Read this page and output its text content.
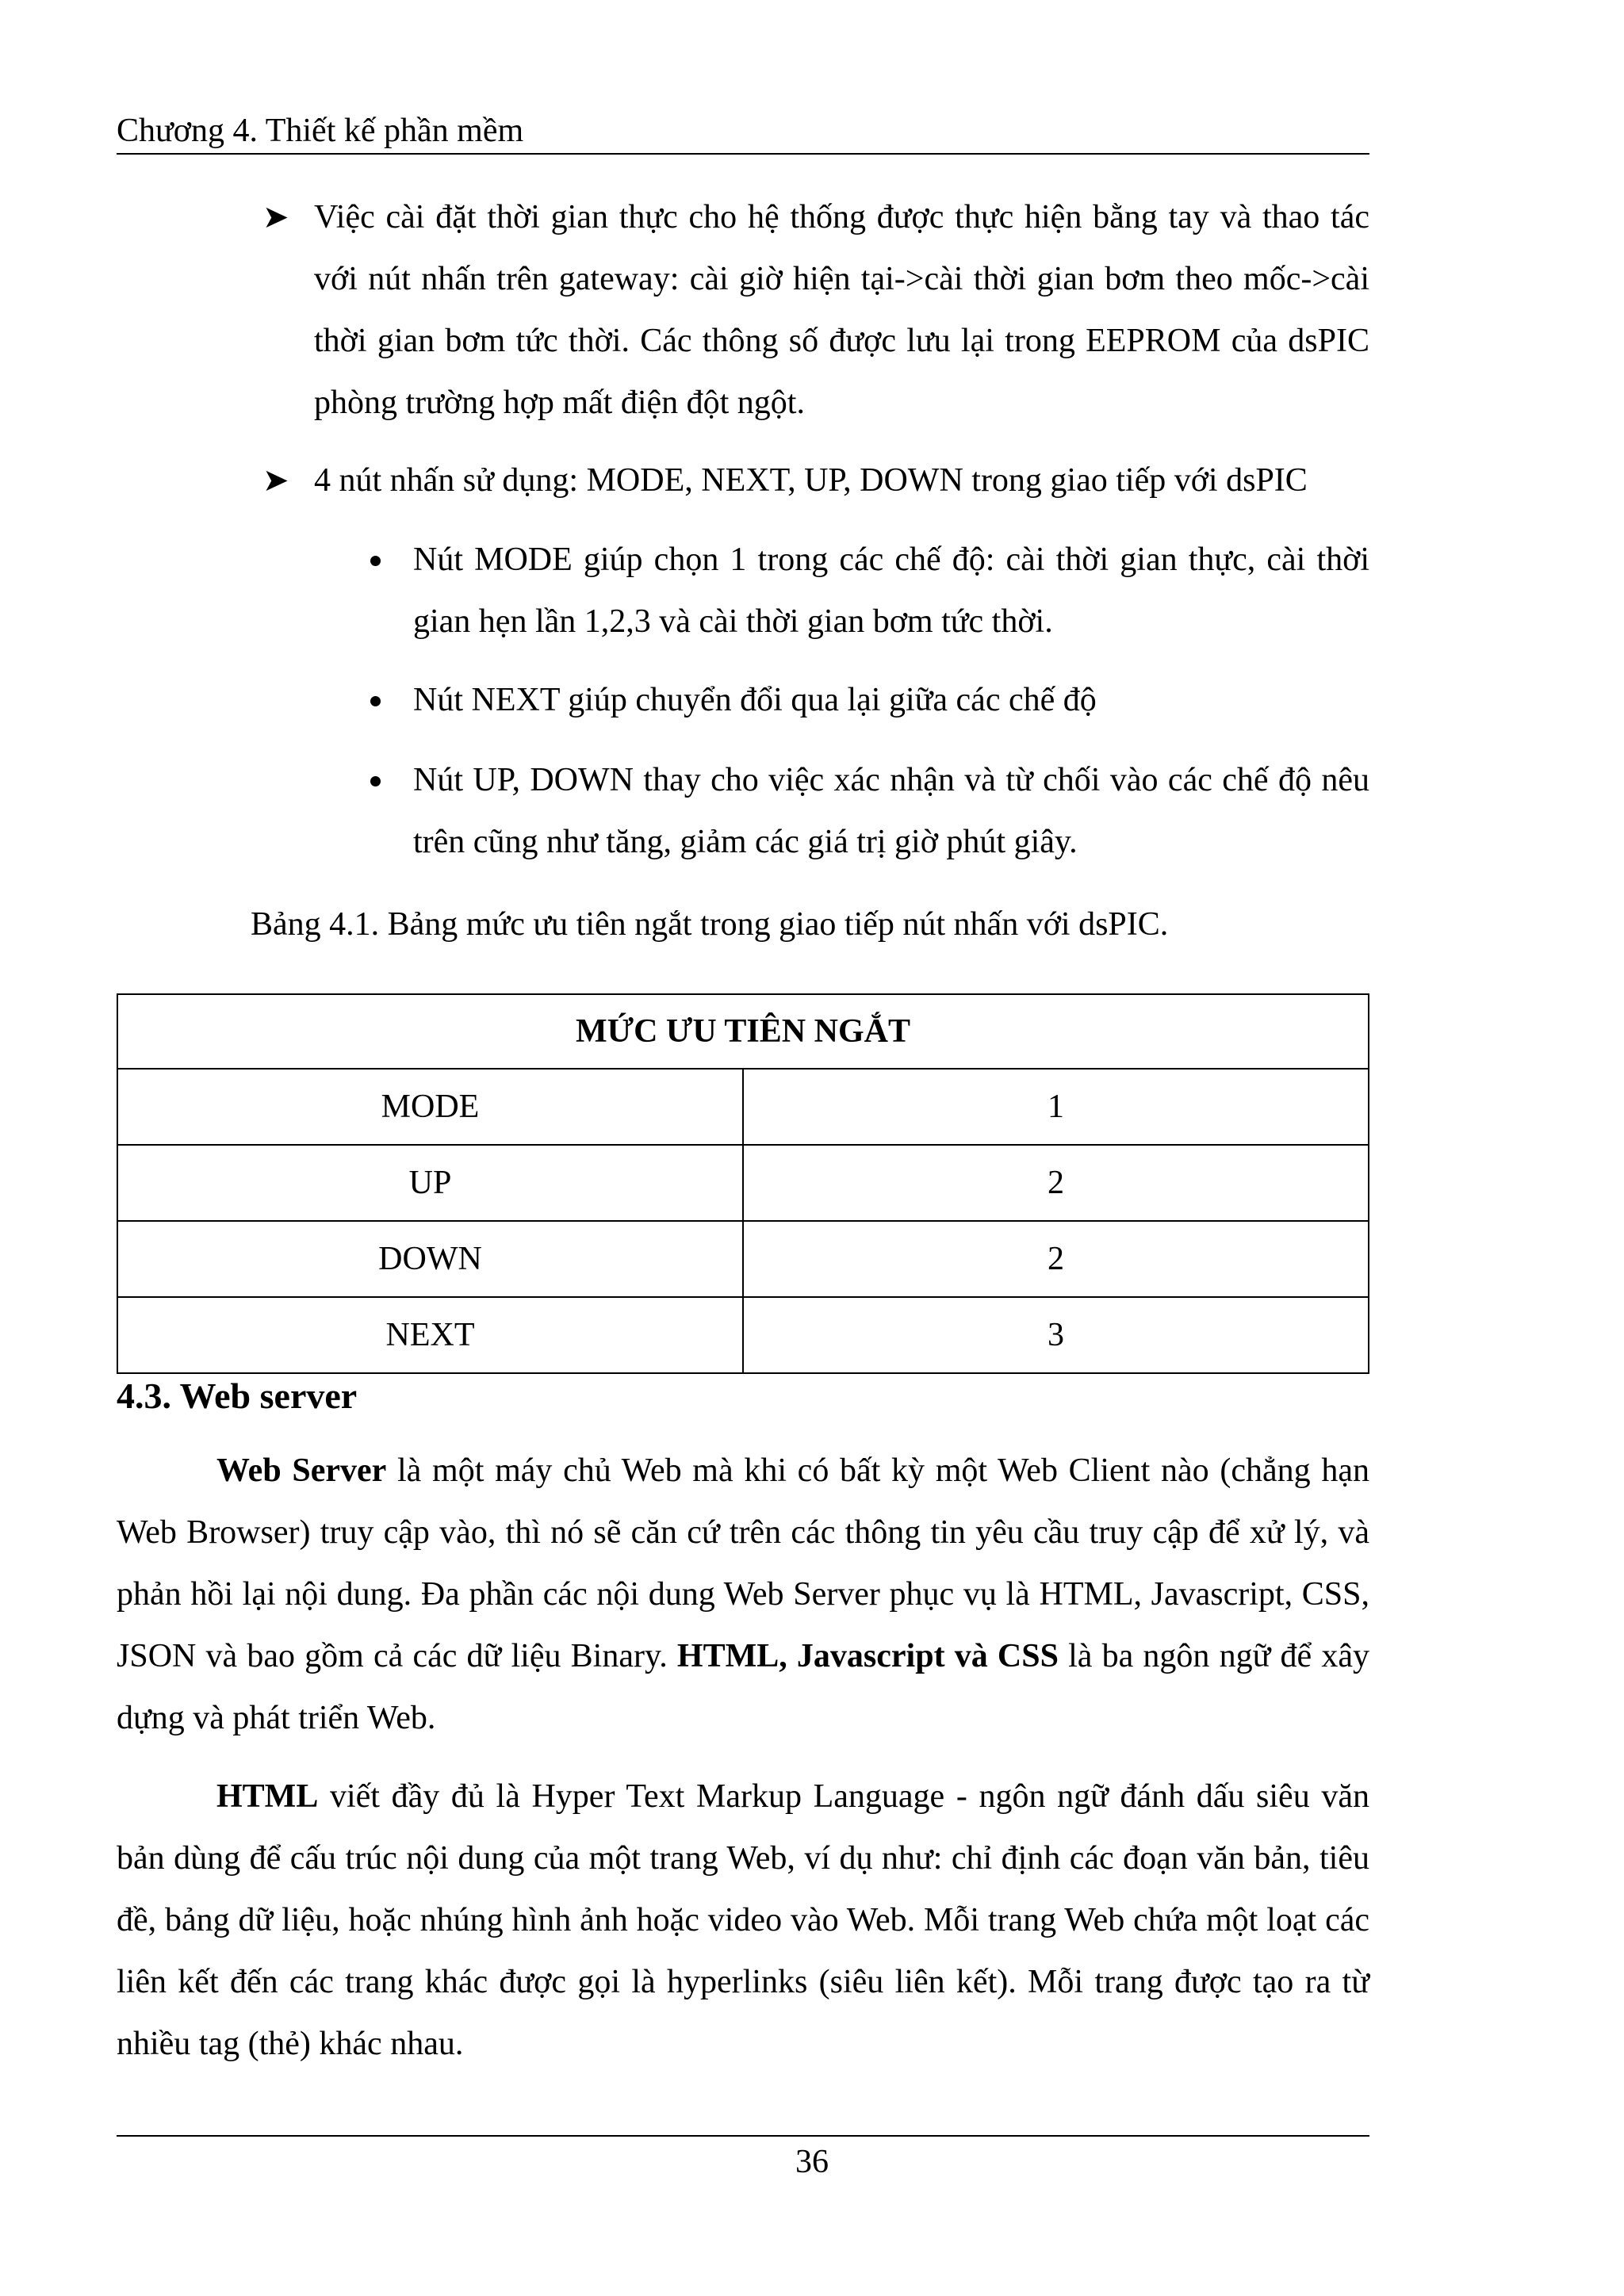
Chương 4. Thiết kế phần mềm
➤ Việc cài đặt thời gian thực cho hệ thống được thực hiện bằng tay và thao tác với nút nhấn trên gateway: cài giờ hiện tại->cài thời gian bơm theo mốc->cài thời gian bơm tức thời. Các thông số được lưu lại trong EEPROM của dsPIC phòng trường hợp mất điện đột ngột.
➤ 4 nút nhấn sử dụng: MODE, NEXT, UP, DOWN trong giao tiếp với dsPIC
Nút MODE giúp chọn 1 trong các chế độ: cài thời gian thực, cài thời gian hẹn lần 1,2,3 và cài thời gian bơm tức thời.
Nút NEXT giúp chuyển đổi qua lại giữa các chế độ
Nút UP, DOWN thay cho việc xác nhận và từ chối vào các chế độ nêu trên cũng như tăng, giảm các giá trị giờ phút giây.
Bảng 4.1. Bảng mức ưu tiên ngắt trong giao tiếp nút nhấn với dsPIC.
MỨC ƯU TIÊN NGẮT	
MODE	1
UP	2
DOWN	2
NEXT	3
4.3. Web server
Web Server là một máy chủ Web mà khi có bất kỳ một Web Client nào (chẳng hạn Web Browser) truy cập vào, thì nó sẽ căn cứ trên các thông tin yêu cầu truy cập để xử lý, và phản hồi lại nội dung. Đa phần các nội dung Web Server phục vụ là HTML, Javascript, CSS, JSON và bao gồm cả các dữ liệu Binary. HTML, Javascript và CSS là ba ngôn ngữ để xây dựng và phát triển Web.
HTML viết đầy đủ là Hyper Text Markup Language - ngôn ngữ đánh dấu siêu văn bản dùng để cấu trúc nội dung của một trang Web, ví dụ như: chỉ định các đoạn văn bản, tiêu đề, bảng dữ liệu, hoặc nhúng hình ảnh hoặc video vào Web. Mỗi trang Web chứa một loạt các liên kết đến các trang khác được gọi là hyperlinks (siêu liên kết). Mỗi trang được tạo ra từ nhiều tag (thẻ) khác nhau.
36
